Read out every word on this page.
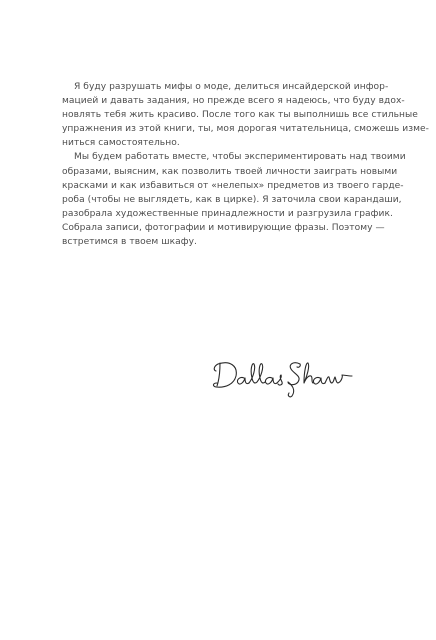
Я буду разрушать мифы о моде, делиться инсайдерской инфор-
мацией и давать задания, но прежде всего я надеюсь, что буду вдох-
новлять тебя жить красиво. После того как ты выполнишь все стильные
упражнения из этой книги, ты, моя дорогая читательница, сможешь изме-
ниться самостоятельно.

Мы будем работать вместе, чтобы экспериментировать над твоими
образами, выясним, как позволить твоей личности заиграть новыми
красками и как избавиться от «нелепых» предметов из твоего гарде-
роба (чтобы не выглядеть, как в цирке). Я заточила свои карандаши,
разобрала художественные принадлежности и разгрузила график.
Собрала записи, фотографии и мотивирующие фразы. Поэтому —
встретимся в твоем шкафу.
